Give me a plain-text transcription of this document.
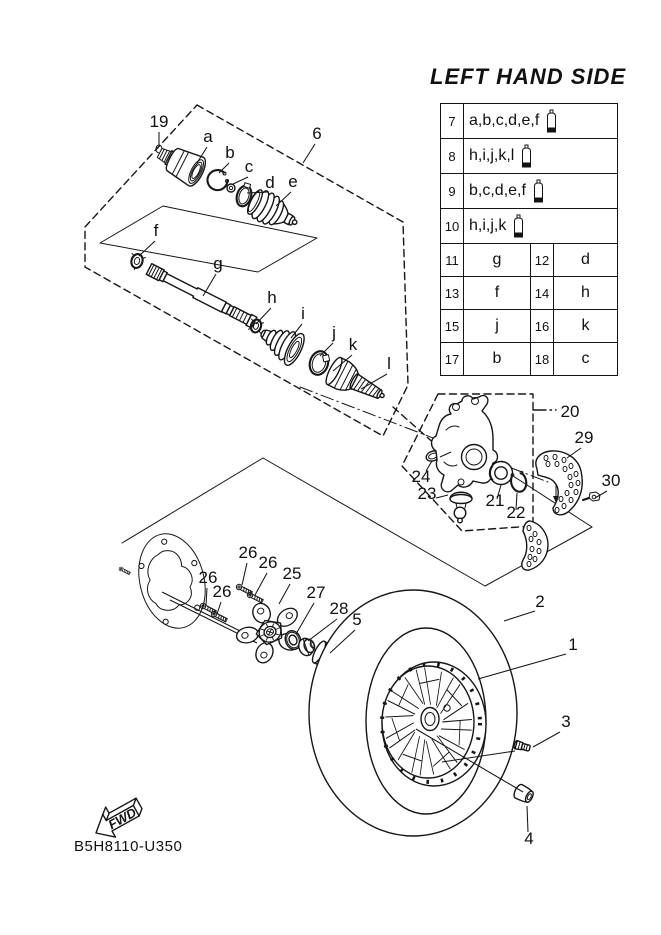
LEFT HAND SIDE
7 a,b,c,d,e,f
8 h,i,j,k,l
9 b,c,d,e,f
10 h,i,j,k
11	g	12	d
13	f	14	h
15	j	16	k
17	b	18	c
19
a
b
c
d e
6
f
g
h
i
j
k
l
20
24
23	21
22
29
30
26
26
26
26
25
27
28
5
2
1
3
4
FWD
B5H8110-U350
